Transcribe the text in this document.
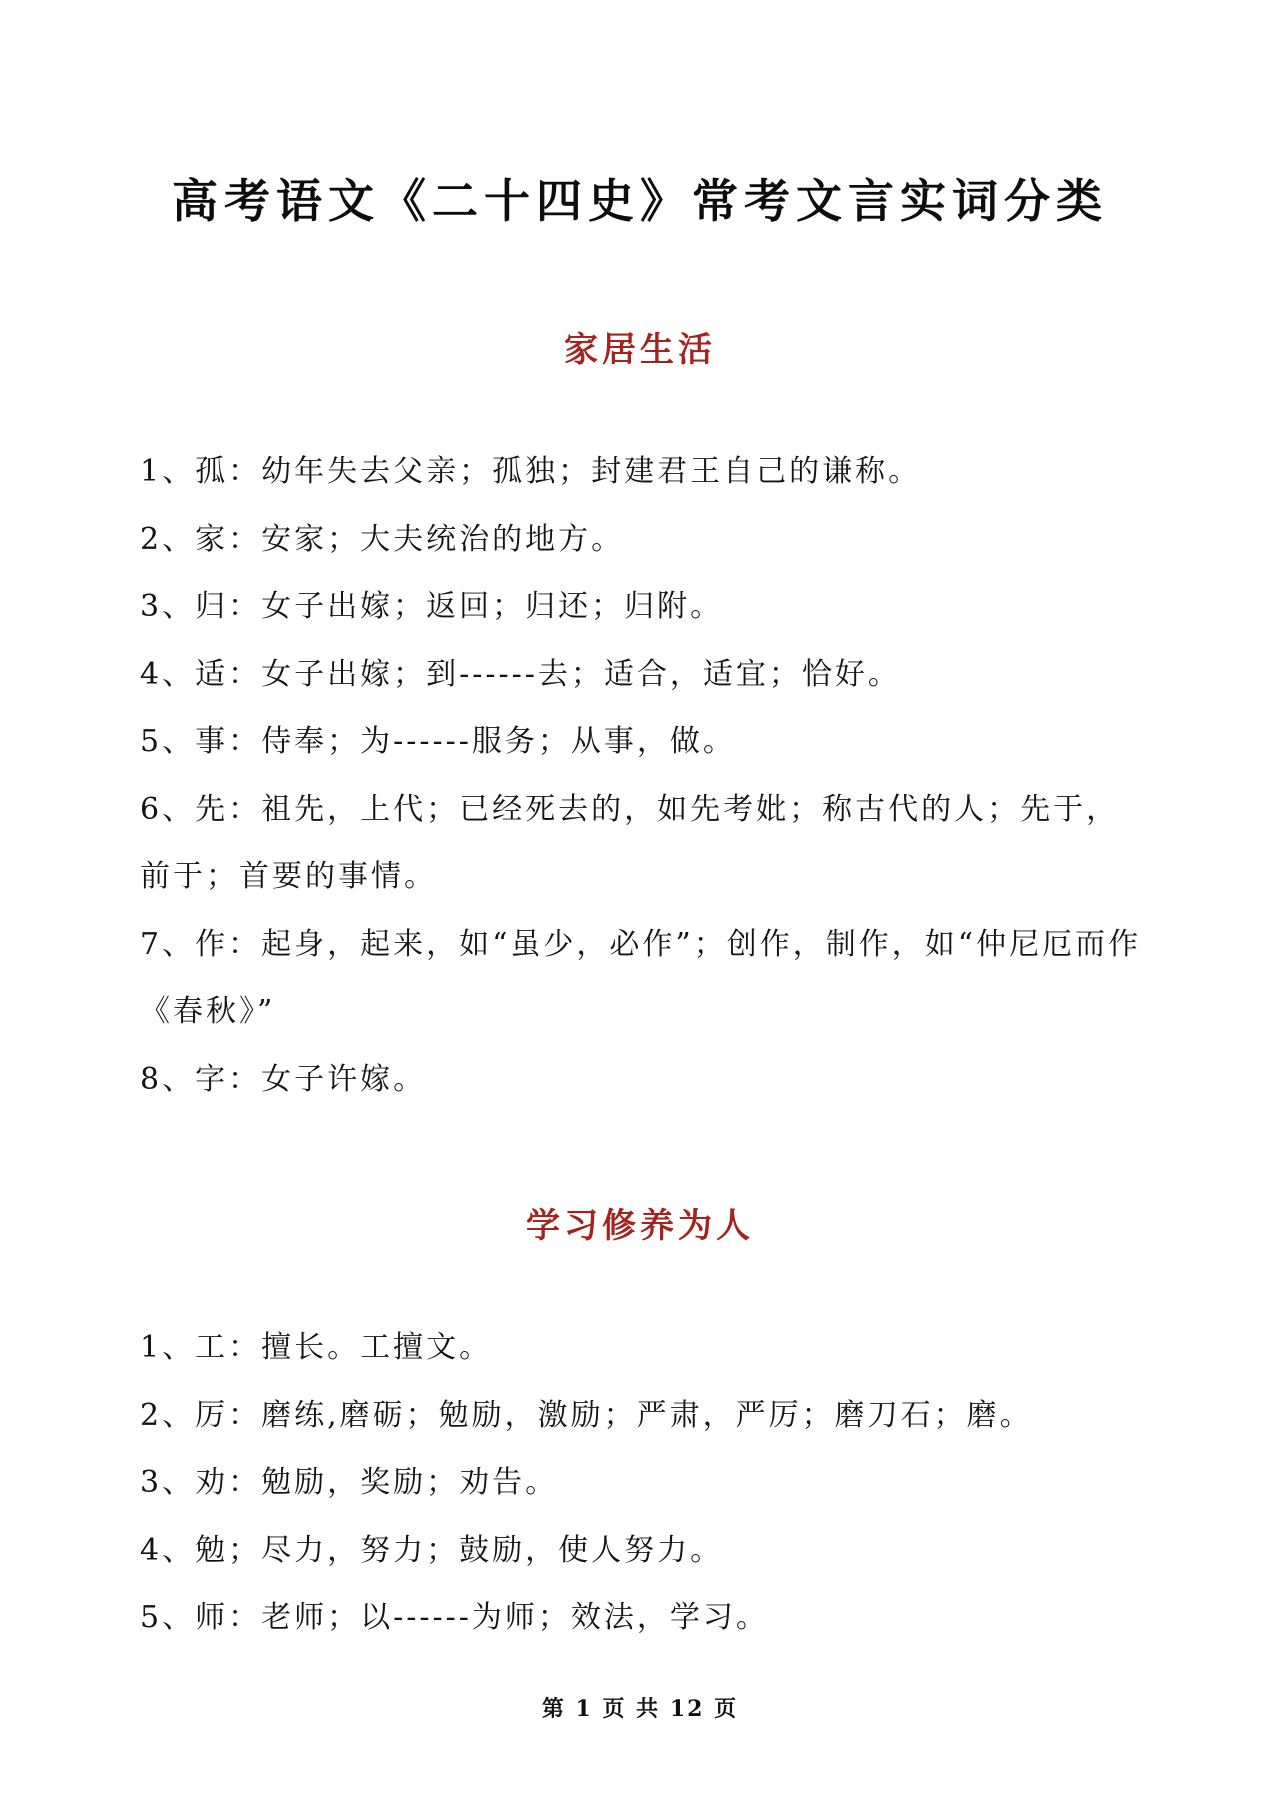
高考语文《二十四史》常考文言实词分类
家居生活
1、孤：幼年失去父亲；孤独；封建君王自己的谦称。
2、家：安家；大夫统治的地方。
3、归：女子出嫁；返回；归还；归附。
4、适：女子出嫁；到------去；适合，适宜；恰好。
5、事：侍奉；为------服务；从事，做。
6、先：祖先，上代；已经死去的，如先考妣；称古代的人；先于，前于；首要的事情。
7、作：起身，起来，如“虽少，必作”；创作，制作，如“仲尼厄而作《春秋》”
8、字：女子许嫁。
学习修养为人
1、工：擅长。工擅文。
2、厉：磨练,磨砺；勉励，激励；严肃，严厉；磨刀石；磨。
3、劝：勉励，奖励；劝告。
4、勉；尽力，努力；鼓励，使人努力。
5、师：老师；以------为师；效法，学习。
第 1 页 共 12 页
